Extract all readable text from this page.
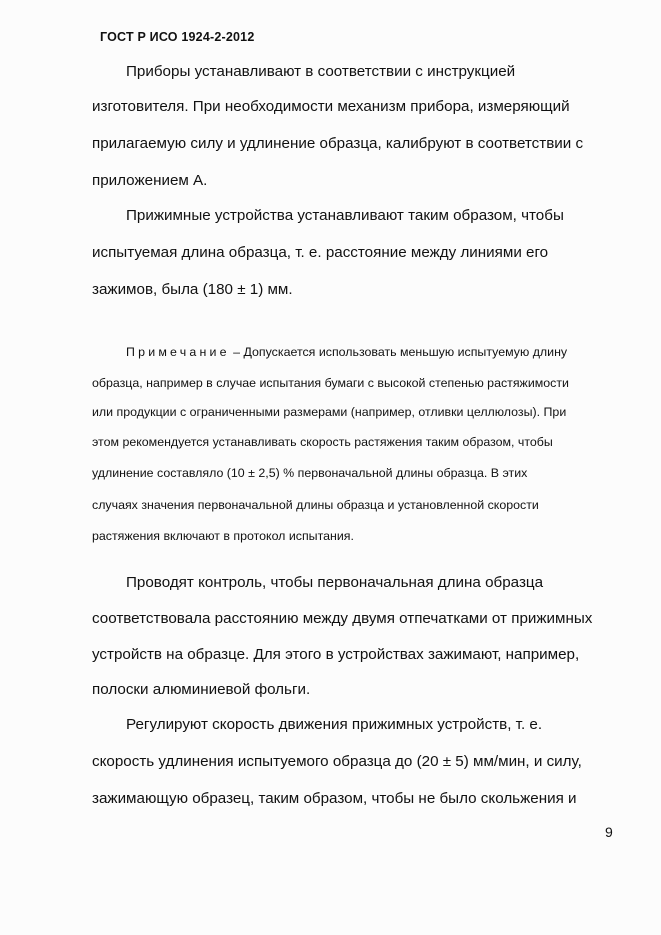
ГОСТ Р ИСО 1924-2-2012
Приборы устанавливают в соответствии с инструкцией
изготовителя. При необходимости механизм прибора, измеряющий
прилагаемую силу и удлинение образца, калибруют в соответствии с
приложением А.
Прижимные устройства устанавливают таким образом, чтобы
испытуемая длина образца, т. е. расстояние между линиями его
зажимов, была (180 ± 1) мм.
Примечание – Допускается использовать меньшую испытуемую длину
образца, например в случае испытания бумаги с высокой степенью растяжимости
или продукции с ограниченными размерами (например, отливки целлюлозы). При
этом рекомендуется устанавливать скорость растяжения таким образом, чтобы
удлинение составляло (10 ± 2,5) % первоначальной длины образца. В этих
случаях значения первоначальной длины образца и установленной скорости
растяжения включают в протокол испытания.
Проводят контроль, чтобы первоначальная длина образца
соответствовала расстоянию между двумя отпечатками от прижимных
устройств на образце. Для этого в устройствах зажимают, например,
полоски алюминиевой фольги.
Регулируют скорость движения прижимных устройств, т. е.
скорость удлинения испытуемого образца до (20 ± 5) мм/мин, и силу,
зажимающую образец, таким образом, чтобы не было скольжения и
9
